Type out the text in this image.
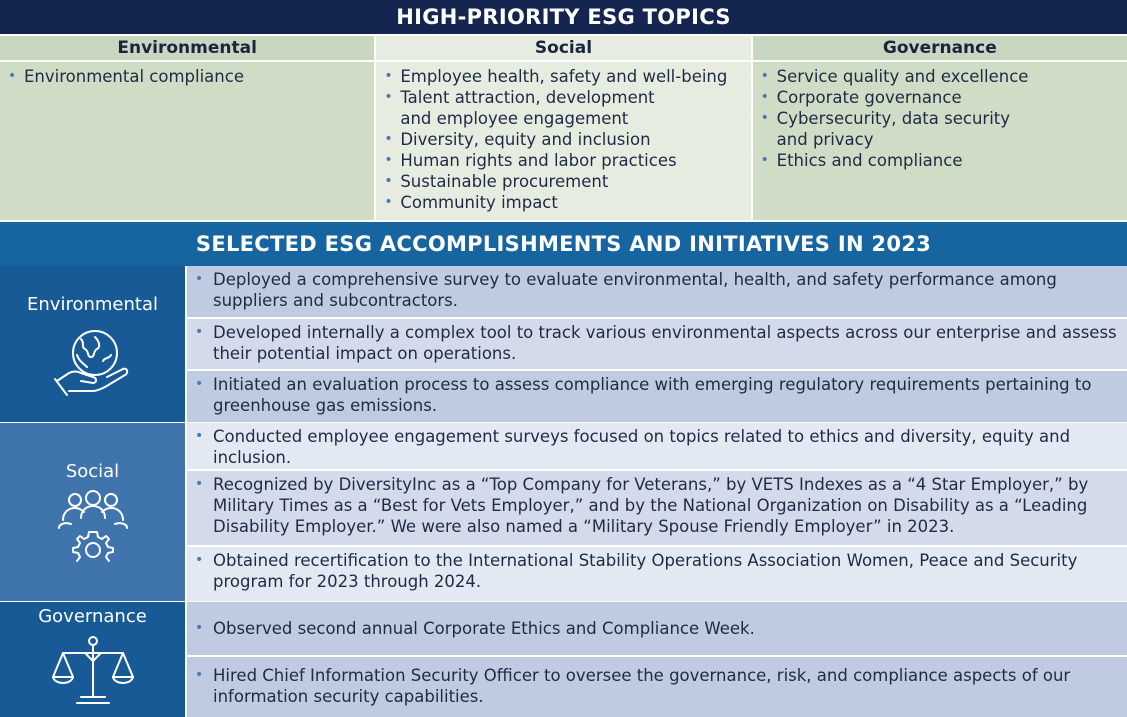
HIGH-PRIORITY ESG TOPICS
Environmental	Social	Governance
• Environmental compliance
•	Employee health, safety and well-being
• Talent attraction, development and employee engagement
• Diversity, equity and inclusion
• Human rights and labor practices
• Sustainable procurement
• Community impact
• Service quality and excellence
• Corporate governance
• Cybersecurity, data security and privacy
• Ethics and compliance
SELECTED ESG ACCOMPLISHMENTS AND INITIATIVES IN 2023
Environmental
• Deployed a comprehensive survey to evaluate environmental, health, and safety performance among suppliers and subcontractors.
• Developed internally a complex tool to track various environmental aspects across our enterprise and assess their potential impact on operations.
• Initiated an evaluation process to assess compliance with emerging regulatory requirements pertaining to greenhouse gas emissions.
Social
• Conducted employee engagement surveys focused on topics related to ethics and diversity, equity and inclusion.
• Recognized by DiversityInc as a “Top Company for Veterans,” by VETS Indexes as a “4 Star Employer,” by Military Times as a “Best for Vets Employer,” and by the National Organization on Disability as a “Leading Disability Employer.” We were also named a “Military Spouse Friendly Employer” in 2023.
• Obtained recertification to the International Stability Operations Association Women, Peace and Security program for 2023 through 2024.
Governance
• Observed second annual Corporate Ethics and Compliance Week.
• Hired Chief Information Security Officer to oversee the governance, risk, and compliance aspects of our information security capabilities.
